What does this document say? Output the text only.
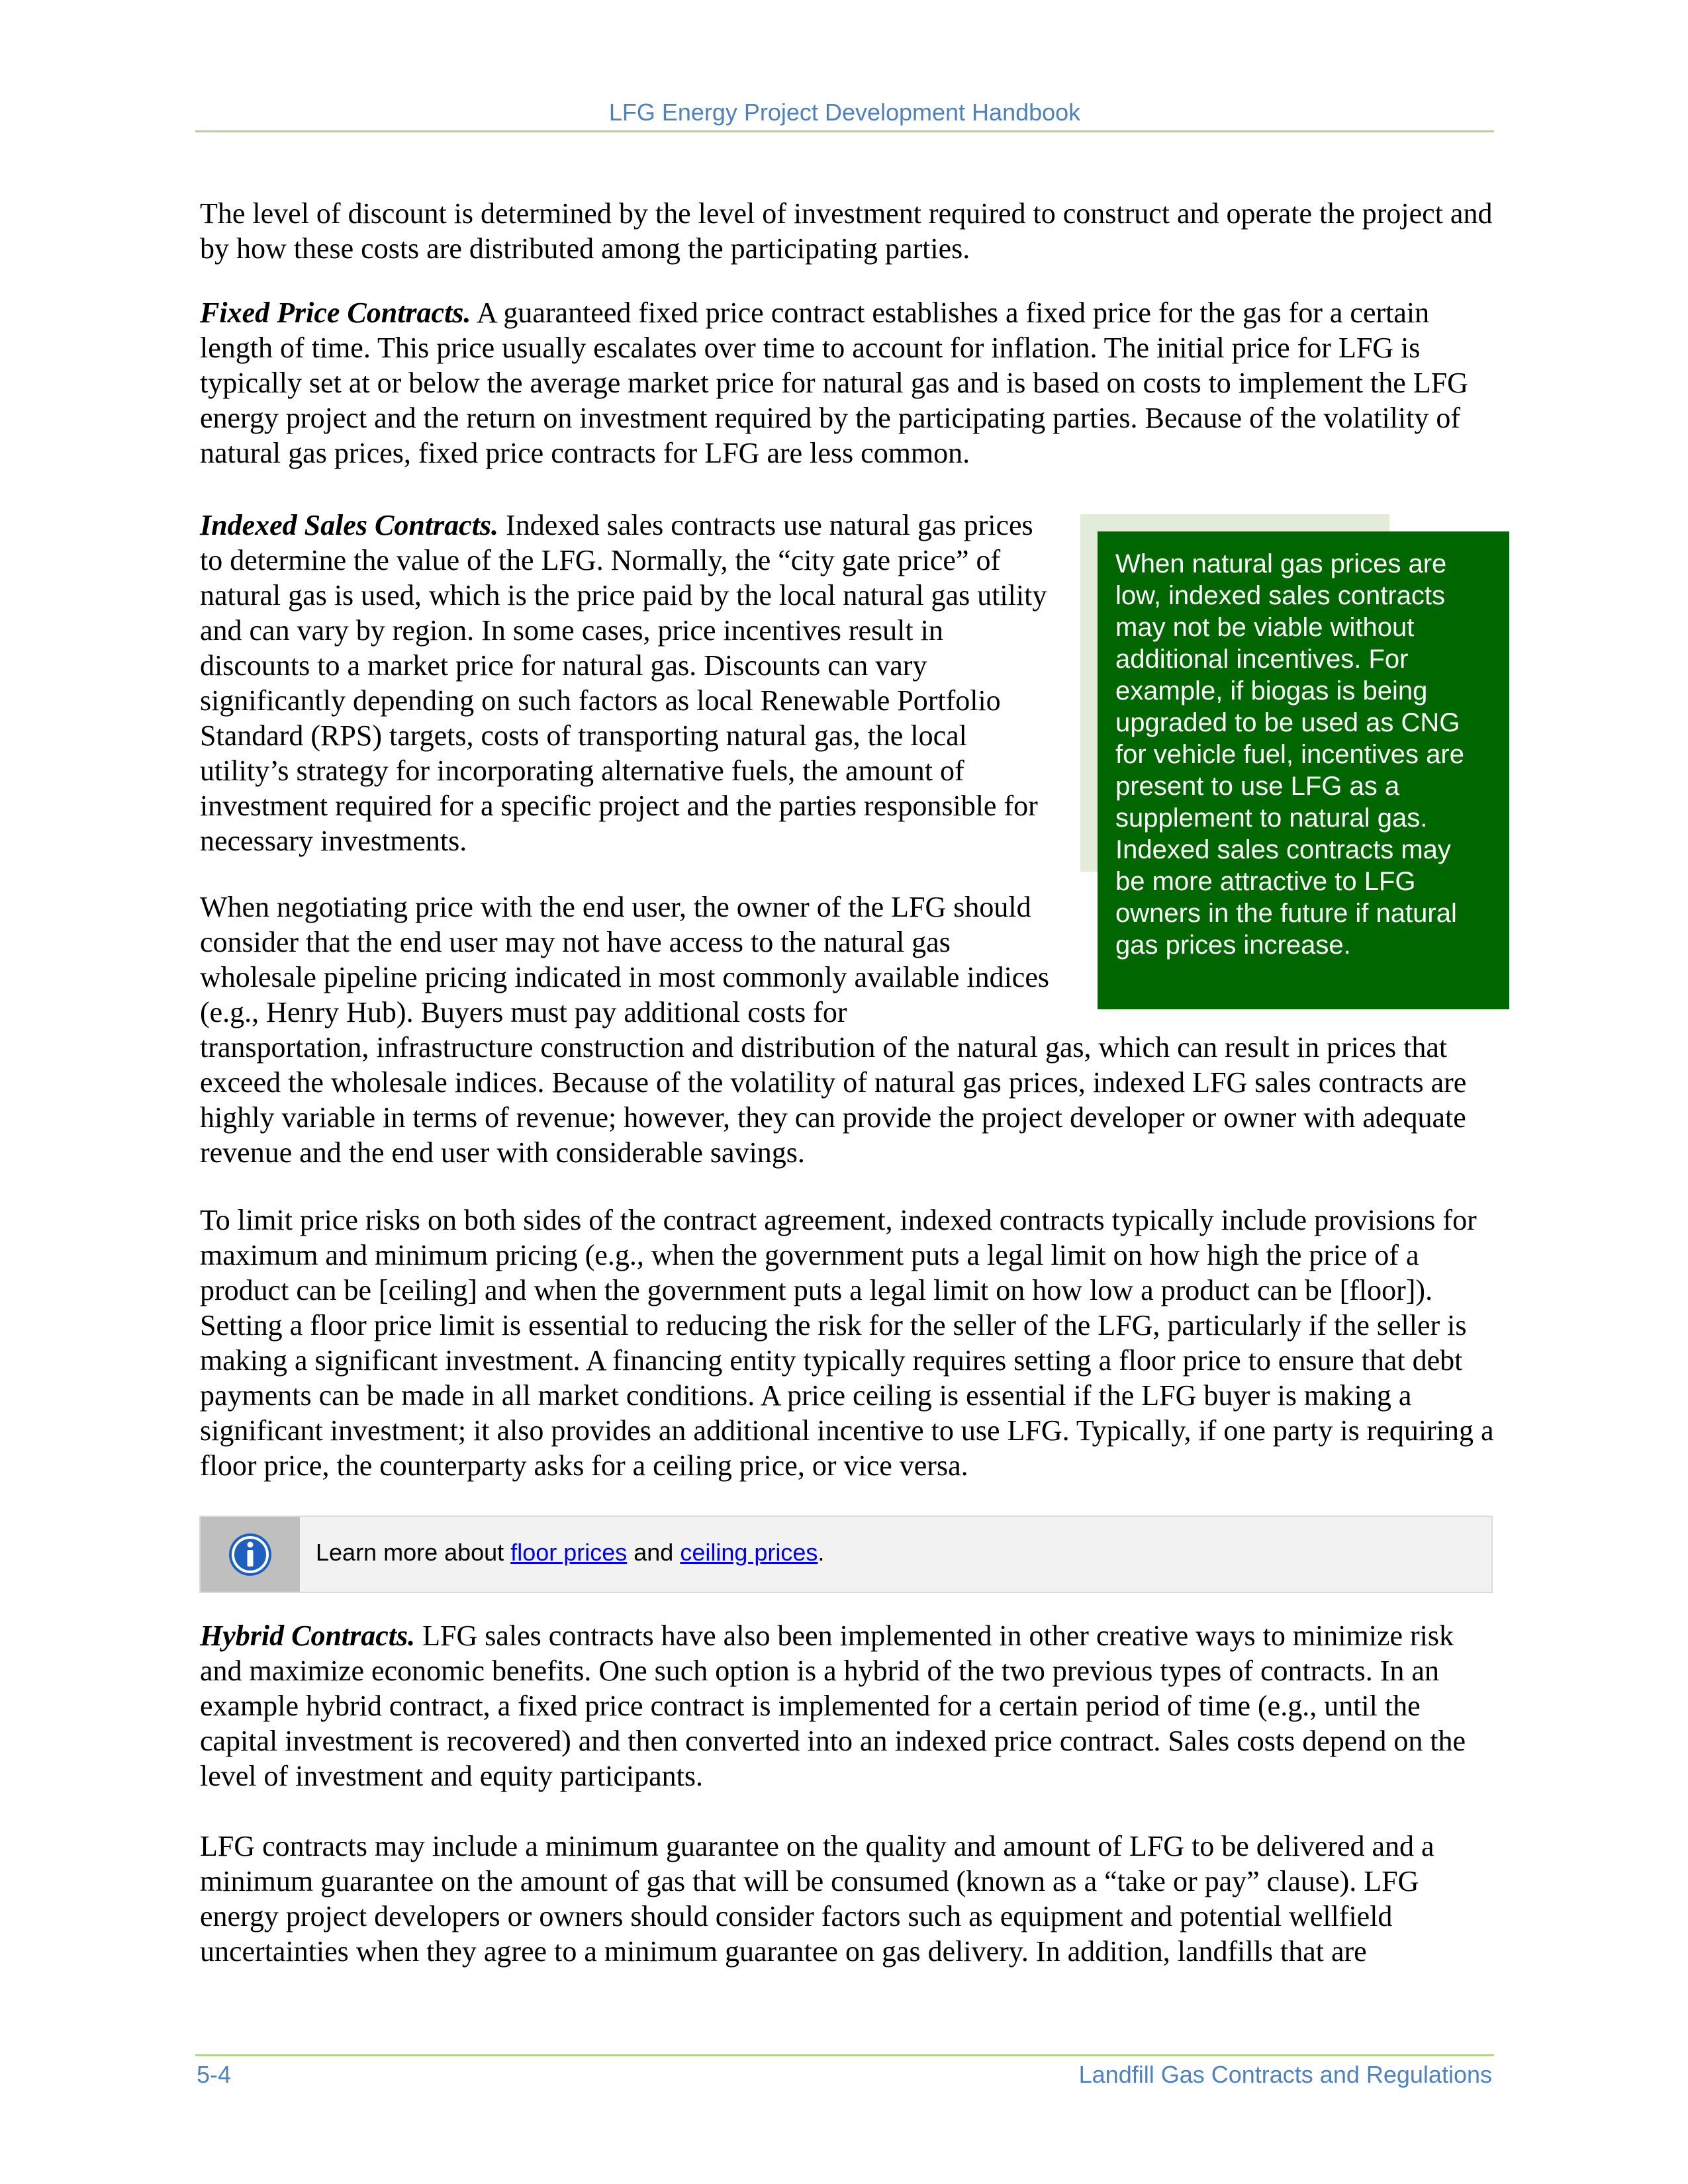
LFG Energy Project Development Handbook

The level of discount is determined by the level of investment required to construct and operate the project and by how these costs are distributed among the participating parties.

Fixed Price Contracts. A guaranteed fixed price contract establishes a fixed price for the gas for a certain length of time. This price usually escalates over time to account for inflation. The initial price for LFG is typically set at or below the average market price for natural gas and is based on costs to implement the LFG energy project and the return on investment required by the participating parties. Because of the volatility of natural gas prices, fixed price contracts for LFG are less common.

Indexed Sales Contracts. Indexed sales contracts use natural gas prices to determine the value of the LFG. Normally, the “city gate price” of natural gas is used, which is the price paid by the local natural gas utility and can vary by region. In some cases, price incentives result in discounts to a market price for natural gas. Discounts can vary significantly depending on such factors as local Renewable Portfolio Standard (RPS) targets, costs of transporting natural gas, the local utility’s strategy for incorporating alternative fuels, the amount of investment required for a specific project and the parties responsible for necessary investments.

When negotiating price with the end user, the owner of the LFG should consider that the end user may not have access to the natural gas wholesale pipeline pricing indicated in most commonly available indices (e.g., Henry Hub). Buyers must pay additional costs for

transportation, infrastructure construction and distribution of the natural gas, which can result in prices that exceed the wholesale indices. Because of the volatility of natural gas prices, indexed LFG sales contracts are highly variable in terms of revenue; however, they can provide the project developer or owner with adequate revenue and the end user with considerable savings.

To limit price risks on both sides of the contract agreement, indexed contracts typically include provisions for maximum and minimum pricing (e.g., when the government puts a legal limit on how high the price of a product can be [ceiling] and when the government puts a legal limit on how low a product can be [floor]). Setting a floor price limit is essential to reducing the risk for the seller of the LFG, particularly if the seller is making a significant investment. A financing entity typically requires setting a floor price to ensure that debt payments can be made in all market conditions. A price ceiling is essential if the LFG buyer is making a significant investment; it also provides an additional incentive to use LFG. Typically, if one party is requiring a floor price, the counterparty asks for a ceiling price, or vice versa.

When natural gas prices are low, indexed sales contracts may not be viable without additional incentives. For example, if biogas is being upgraded to be used as CNG for vehicle fuel, incentives are present to use LFG as a supplement to natural gas. Indexed sales contracts may be more attractive to LFG owners in the future if natural gas prices increase.
Learn more about floor prices and ceiling prices.

Hybrid Contracts. LFG sales contracts have also been implemented in other creative ways to minimize risk and maximize economic benefits. One such option is a hybrid of the two previous types of contracts. In an example hybrid contract, a fixed price contract is implemented for a certain period of time (e.g., until the capital investment is recovered) and then converted into an indexed price contract. Sales costs depend on the level of investment and equity participants.

LFG contracts may include a minimum guarantee on the quality and amount of LFG to be delivered and a minimum guarantee on the amount of gas that will be consumed (known as a “take or pay” clause). LFG energy project developers or owners should consider factors such as equipment and potential wellfield uncertainties when they agree to a minimum guarantee on gas delivery. In addition, landfills that are

5-4	Landfill Gas Contracts and Regulations
